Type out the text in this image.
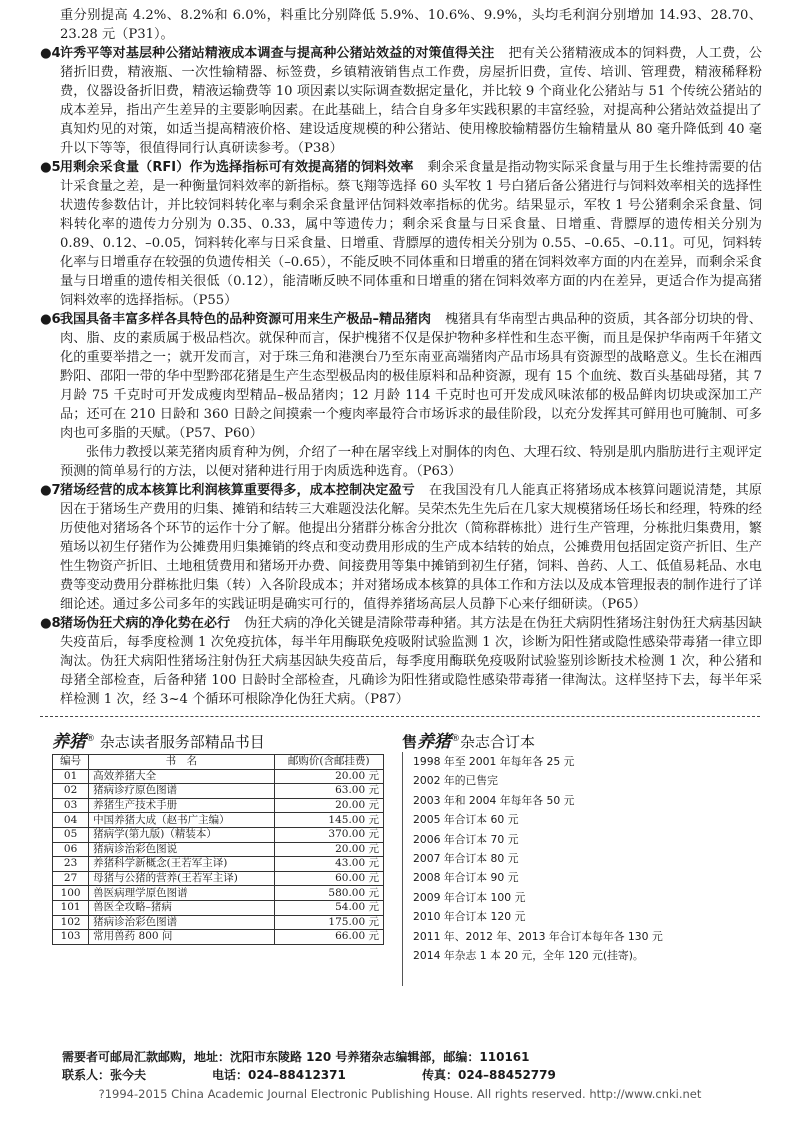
重分别提高 4.2%、8.2%和 6.0%，料重比分别降低 5.9%、10.6%、9.9%，头均毛利润分别增加 14.93、28.70、23.28 元（P31）。

●4 许秀平等对基层种公猪站精液成本调查与提高种公猪站效益的对策值得关注 把有关公猪精液成本的饲料费，人工费，公猪折旧费，精液瓶、一次性输精器、标签费，乡镇精液销售点工作费，房屋折旧费，宣传、培训、管理费，精液稀释粉费，仪器设备折旧费，精液运输费等 10 项因素以实际调查数据定量化，并比较 9 个商业化公猪站与 51 个传统公猪站的成本差异，指出产生差异的主要影响因素。在此基础上，结合自身多年实践积累的丰富经验，对提高种公猪站效益提出了真知灼见的对策，如适当提高精液价格、建设适度规模的种公猪站、使用橡胶输精器仿生输精量从 80 毫升降低到 40 毫升以下等等，很值得同行认真研读参考。（P38）

●5 用剩余采食量（RFI）作为选择指标可有效提高猪的饲料效率 剩余采食量是指动物实际采食量与用于生长维持需要的估计采食量之差，是一种衡量饲料效率的新指标。蔡飞翔等选择 60 头军牧 1 号白猪后备公猪进行与饲料效率相关的选择性状遗传参数估计，并比较饲料转化率与剩余采食量评估饲料效率指标的优劣。结果显示，军牧 1 号公猪剩余采食量、饲料转化率的遗传力分别为 0.35、0.33，属中等遗传力；剩余采食量与日采食量、日增重、背膘厚的遗传相关分别为 0.89、0.12、–0.05，饲料转化率与日采食量、日增重、背膘厚的遗传相关分别为 0.55、–0.65、–0.11。可见，饲料转化率与日增重存在较强的负遗传相关（–0.65），不能反映不同体重和日增重的猪在饲料效率方面的内在差异，而剩余采食量与日增重的遗传相关很低（0.12），能清晰反映不同体重和日增重的猪在饲料效率方面的内在差异，更适合作为提高猪饲料效率的选择指标。（P55）

●6 我国具备丰富多样各具特色的品种资源可用来生产极品–精品猪肉 槐猪具有华南型古典品种的资质，其各部分切块的骨、肉、脂、皮的素质属于极品档次。就保种而言，保护槐猪不仅是保护物种多样性和生态平衡，而且是保护华南两千年猪文化的重要举措之一；就开发而言，对于珠三角和港澳台乃至东南亚高端猪肉产品市场具有资源型的战略意义。生长在湘西黔阳、邵阳一带的华中型黔邵花猪是生产生态型极品肉的极佳原料和品种资源，现有 15 个血统、数百头基础母猪，其 7 月龄 75 千克时可开发成瘦肉型精品–极品猪肉；12 月龄 114 千克时也可开发成风味浓郁的极品鲜肉切块或深加工产品；还可在 210 日龄和 360 日龄之间摸索一个瘦肉率最符合市场诉求的最佳阶段，以充分发挥其可鲜用也可腌制、可多肉也可多脂的天赋。（P57、P60）

张伟力教授以莱芜猪肉质育种为例，介绍了一种在屠宰线上对胴体的肉色、大理石纹、特别是肌内脂肪进行主观评定预测的简单易行的方法，以便对猪种进行用于肉质选种选育。（P63）

●7 猪场经营的成本核算比利润核算重要得多，成本控制决定盈亏 在我国没有几人能真正将猪场成本核算问题说清楚，其原因在于猪场生产费用的归集、摊销和结转三大难题没法化解。吴荣杰先生先后在几家大规模猪场任场长和经理，特殊的经历使他对猪场各个环节的运作十分了解。他提出分猪群分栋舍分批次（简称群栋批）进行生产管理，分栋批归集费用，繁殖场以初生仔猪作为公摊费用归集摊销的终点和变动费用形成的生产成本结转的始点，公摊费用包括固定资产折旧、生产性生物资产折旧、土地租赁费用和猪场开办费、间接费用等集中摊销到初生仔猪，饲料、兽药、人工、低值易耗品、水电费等变动费用分群栋批归集（转）入各阶段成本；并对猪场成本核算的具体工作和方法以及成本管理报表的制作进行了详细论述。通过多公司多年的实践证明是确实可行的，值得养猪场高层人员静下心来仔细研读。（P65）

●8 猪场伪狂犬病的净化势在必行 伪狂犬病的净化关键是清除带毒种猪。其方法是在伪狂犬病阴性猪场注射伪狂犬病基因缺失疫苗后，每季度检测 1 次免疫抗体，每半年用酶联免疫吸附试验监测 1 次，诊断为阳性猪或隐性感染带毒猪一律立即淘汰。伪狂犬病阳性猪场注射伪狂犬病基因缺失疫苗后，每季度用酶联免疫吸附试验鉴别诊断技术检测 1 次，种公猪和母猪全部检查，后备种猪 100 日龄时全部检查，凡确诊为阳性猪或隐性感染带毒猪一律淘汰。这样坚持下去，每半年采样检测 1 次，经 3~4 个循环可根除净化伪狂犬病。（P87）

养猪® 杂志读者服务部精品书目
编号	书　名	邮购价(含邮挂费)
01	高效养猪大全	20.00 元
02	猪病诊疗原色图谱	63.00 元
03	养猪生产技术手册	20.00 元
04	中国养猪大成（赵书广主编）	145.00 元
05	猪病学(第九版)（精装本）	370.00 元
06	猪病诊治彩色图说	20.00 元
23	养猪科学新概念(王若军主译)	43.00 元
27	母猪与公猪的营养(王若军主译)	60.00 元
100	兽医病理学原色图谱	580.00 元
101	兽医全攻略–猪病	54.00 元
102	猪病诊治彩色图谱	175.00 元
103	常用兽药 800 问	66.00 元
售养猪®杂志合订本
1998 年至 2001 年每年各 25 元
2002 年的已售完
2003 年和 2004 年每年各 50 元
2005 年合订本 60 元
2006 年合订本 70 元
2007 年合订本 80 元
2008 年合订本 90 元
2009 年合订本 100 元
2010 年合订本 120 元
2011 年、2012 年、2013 年合订本每年各 130 元
2014 年杂志 1 本 20 元，全年 120 元(挂寄)。
需要者可邮局汇款邮购，地址：沈阳市东陵路 120 号养猪杂志编辑部，邮编：110161
联系人：张今夫	电话：024–88412371	传真：024–88452779
?1994-2015 China Academic Journal Electronic Publishing House. All rights reserved. http://www.cnki.net
